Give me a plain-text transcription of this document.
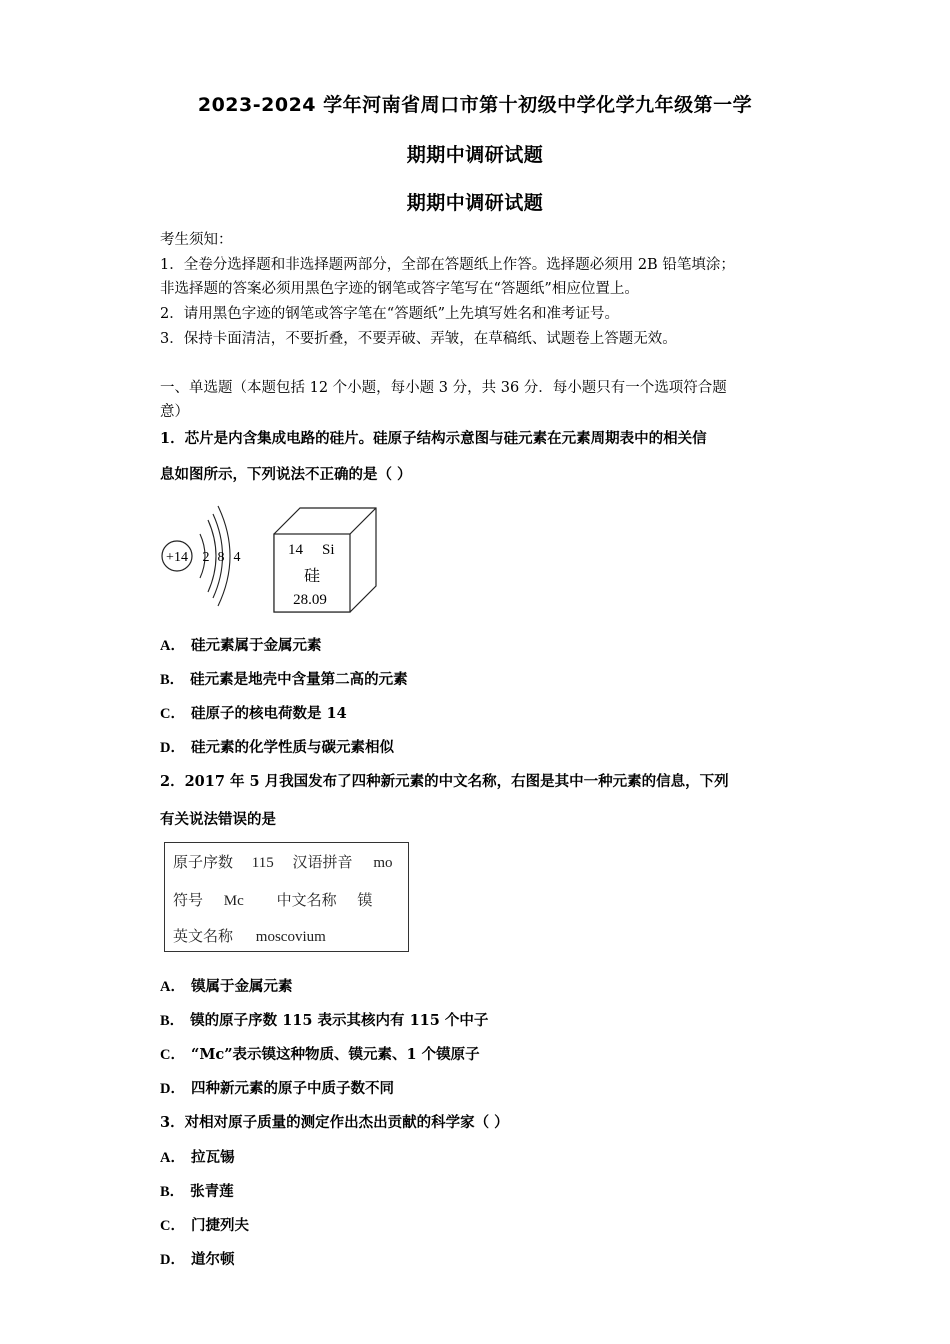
2023-2024 学年河南省周口市第十初级中学化学九年级第一学
期期中调研试题
期期中调研试题
考生须知：
1．全卷分选择题和非选择题两部分，全部在答题纸上作答。选择题必须用 2B 铅笔填涂；
非选择题的答案必须用黑色字迹的钢笔或答字笔写在“答题纸”相应位置上。
2．请用黑色字迹的钢笔或答字笔在“答题纸”上先填写姓名和准考证号。
3．保持卡面清洁，不要折叠，不要弄破、弄皱，在草稿纸、试题卷上答题无效。
一、单选题（本题包括 12 个小题，每小题 3 分，共 36 分．每小题只有一个选项符合题
意）
1．芯片是内含集成电路的硅片。硅原子结构示意图与硅元素在元素周期表中的相关信
息如图所示，下列说法不正确的是（ ）
+14 2 8 4	14 Si
硅
28.09
A． 硅元素属于金属元素
B． 硅元素是地壳中含量第二高的元素
C． 硅原子的核电荷数是 14
D． 硅元素的化学性质与碳元素相似
2．2017 年 5 月我国发布了四种新元素的中文名称，右图是其中一种元素的信息，下列
有关说法错误的是
原子序数 115 汉语拼音 mo
符号 Mc 中文名称 镆
英文名称 moscovium
A． 镆属于金属元素
B． 镆的原子序数 115 表示其核内有 115 个中子
C． “Mc”表示镆这种物质、镆元素、1 个镆原子
D． 四种新元素的原子中质子数不同
3．对相对原子质量的测定作出杰出贡献的科学家（ ）
A． 拉瓦锡
B． 张青莲
C． 门捷列夫
D． 道尔顿
